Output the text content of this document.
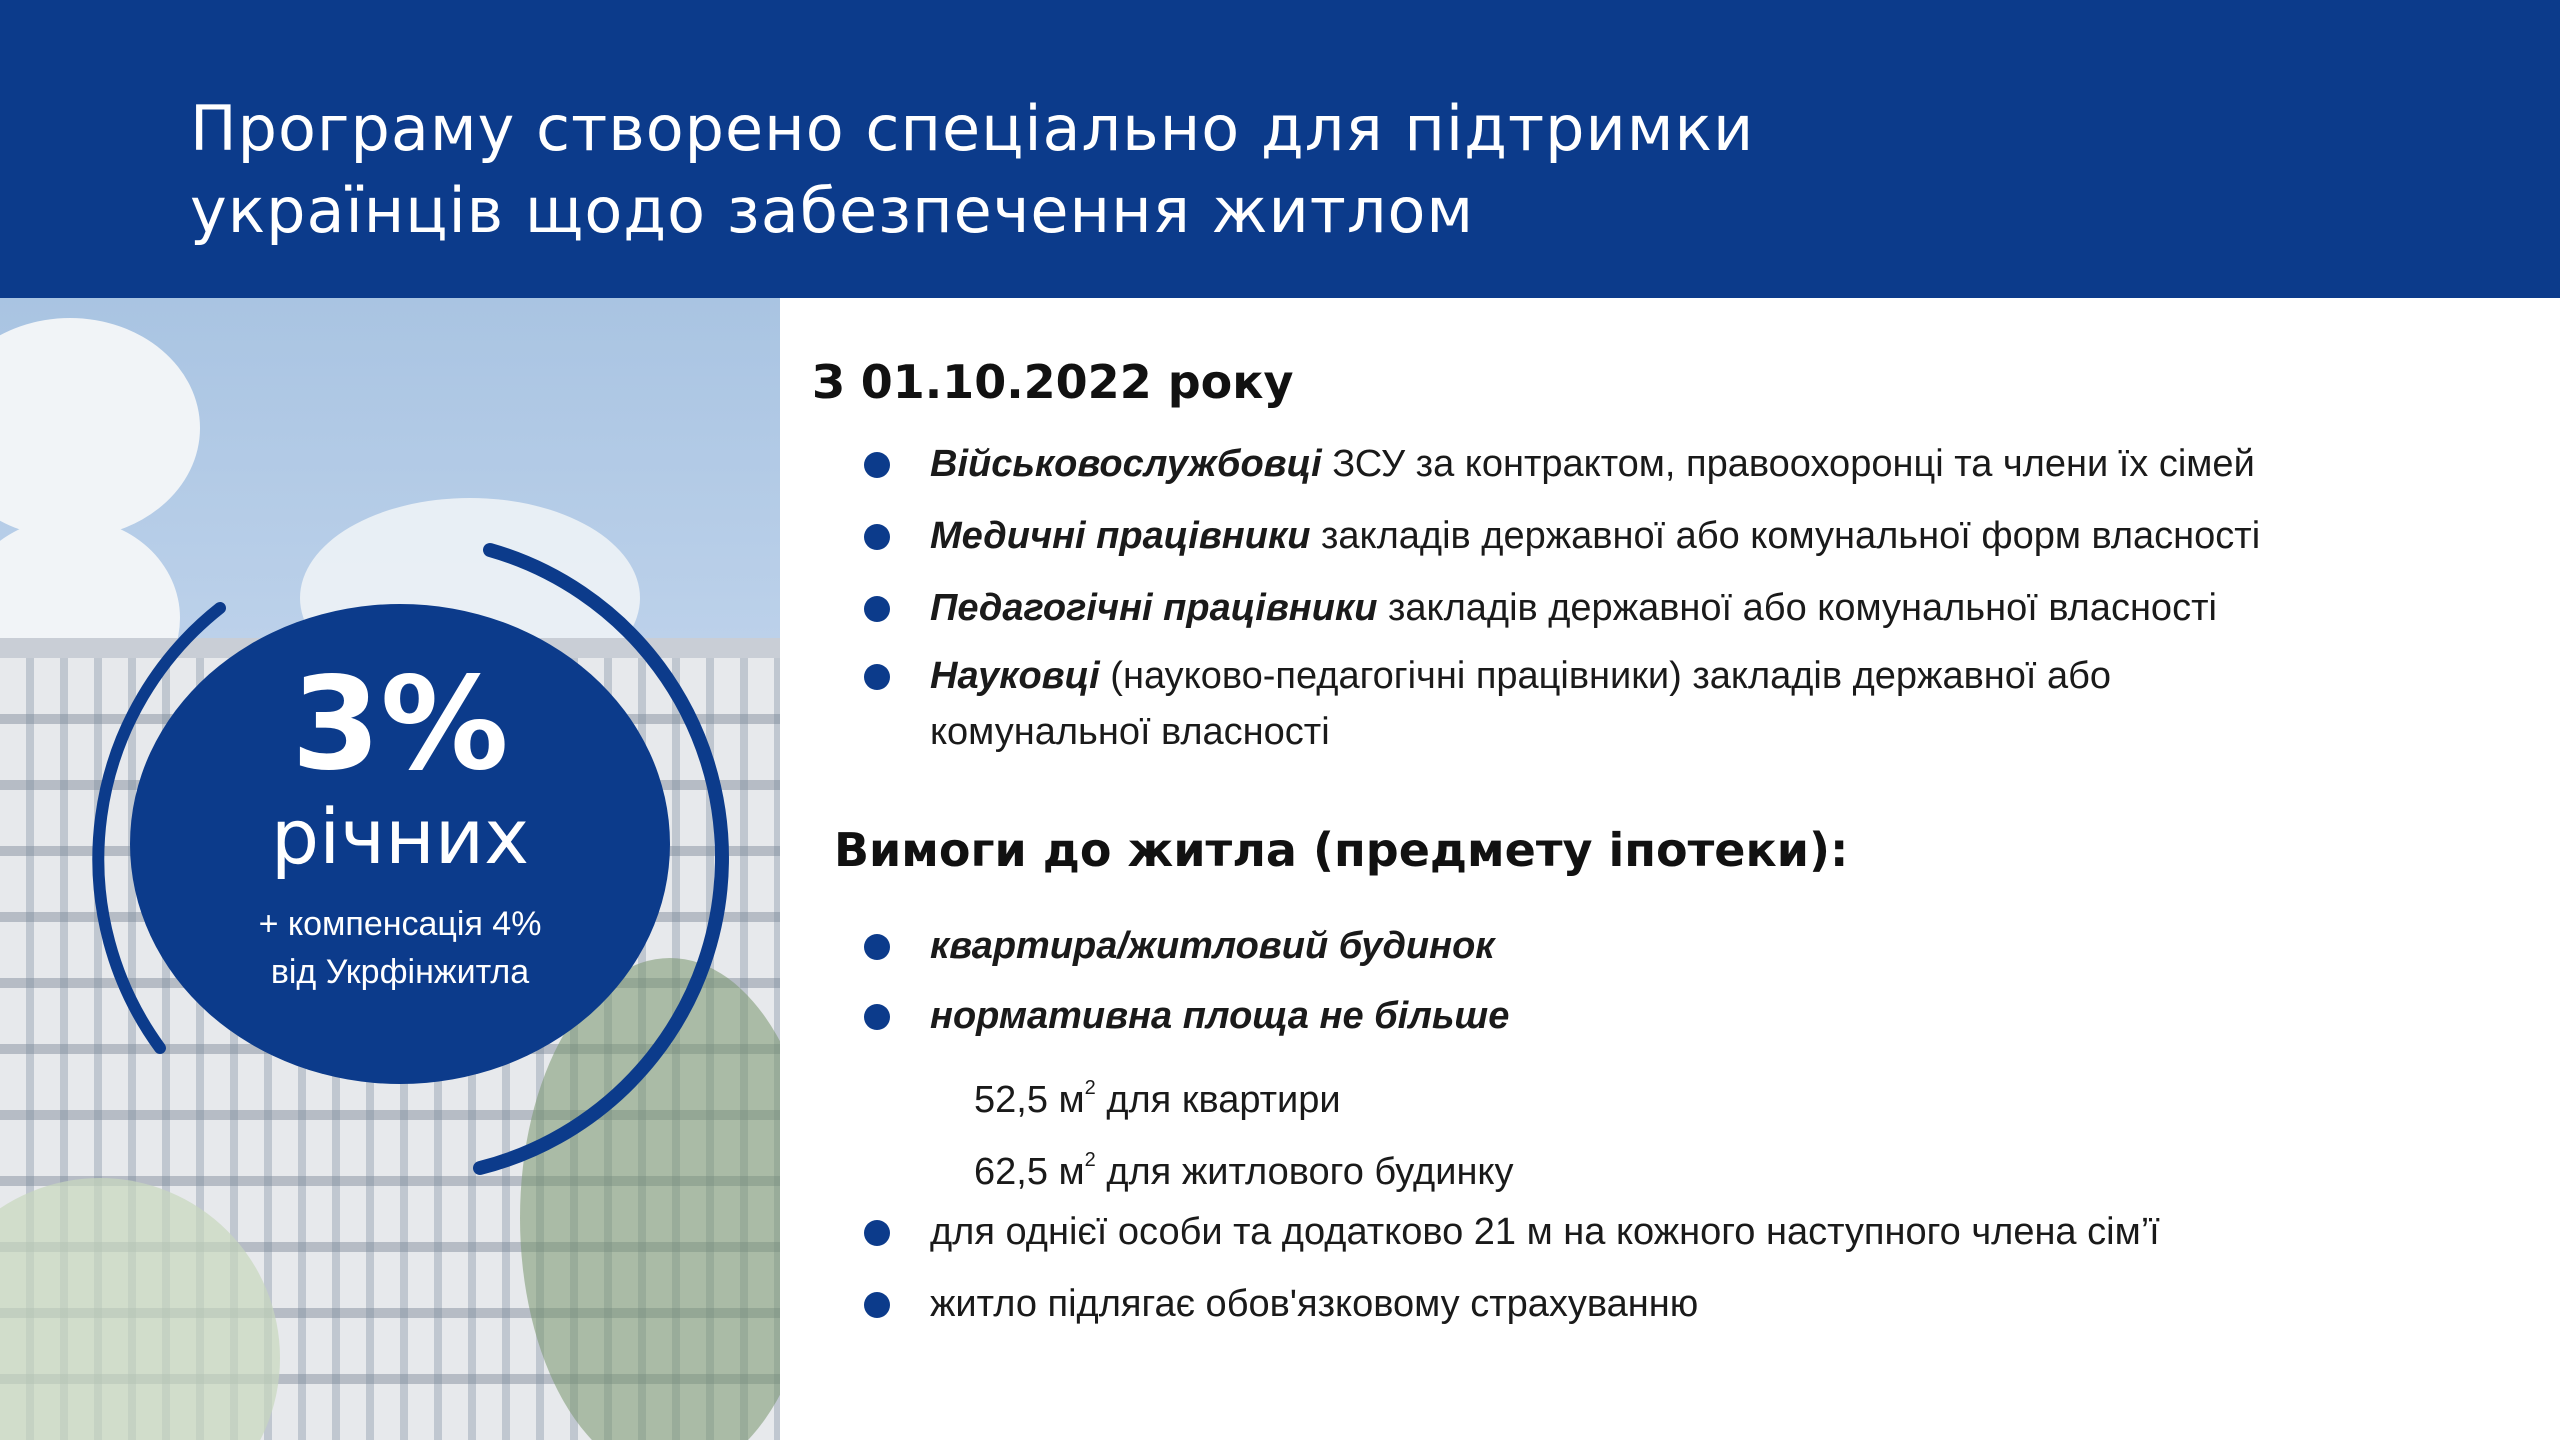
Програму створено спеціально для підтримки
українців щодо забезпечення житлом
3%
річних
+ компенсація 4%
від Укрфінжитла
З 01.10.2022 року
Військовослужбовці ЗСУ за контрактом, правоохоронці та члени їх сімей
Медичні працівники закладів державної або комунальної форм власності
Педагогічні працівники закладів державної або комунальної власності
Науковці (науково-педагогічні працівники) закладів державної або
комунальної власності
Вимоги до житла (предмету іпотеки):
квартира/житловий будинок
нормативна площа не більше
52,5 $м^2$ для квартири
62,5 $м^2$ для житлового будинку
для однієї особи та додатково 21 м на кожного наступного члена сім’ї
житло підлягає обов'язковому страхуванню
